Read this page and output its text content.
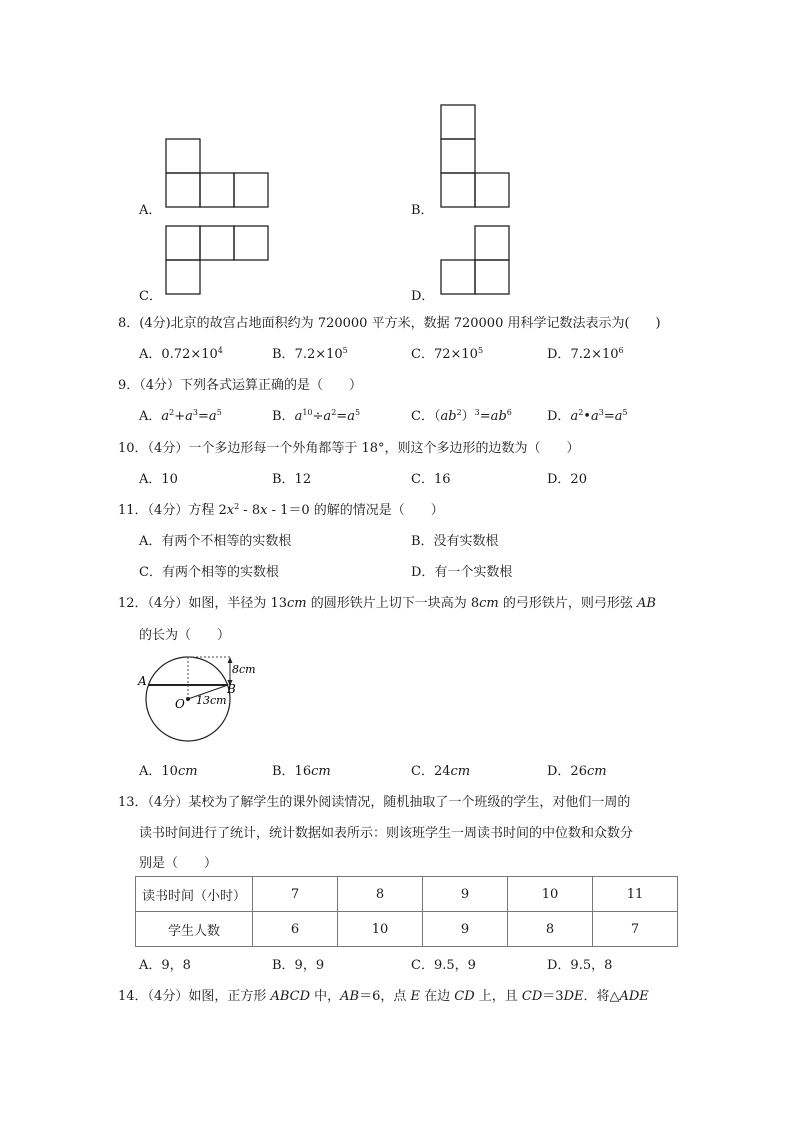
A．	B．
C．	D．
8．(4分)北京的故宫占地面积约为 720000 平方米，数据 720000 用科学记数法表示为(　　)
A．$0.72\times 10^4$	B．$7.2\times 10^5$	C．$72\times 10^5$	D．$7.2\times 10^6$
9．（4分）下列各式运算正确的是（　　）
A．$a^2+a^3=a^5$	B．$a^{10}\div a^2=a^5$	C．$(ab^2)^3=ab^6$	D．$a^2•a^3=a^5$
10．（4分）一个多边形每一个外角都等于 18°，则这个多边形的边数为（　　）
A．10	B．12	C．16	D．20
11．（4分）方程 $2x^2 - 8x - 1=0$ 的解的情况是（　　）
A．有两个不相等的实数根	B．没有实数根
C．有两个相等的实数根	D．有一个实数根
12．（4分）如图，半径为 13cm 的圆形铁片上切下一块高为 8cm 的弓形铁片，则弓形弦 AB
的长为（　　）
A
B
O
8cm
13cm
A．10cm	B．16cm	C．24cm	D．26cm
13．（4分）某校为了解学生的课外阅读情况，随机抽取了一个班级的学生，对他们一周的
读书时间进行了统计，统计数据如表所示：则该班学生一周读书时间的中位数和众数分
别是（　　）
读书时间（小时）	7	8	9	10	11
学生人数	6	10	9	8	7
A．9，8	B．9，9	C．9.5，9	D．9.5，8
14．（4分）如图，正方形 ABCD 中，AB＝6，点 E 在边 CD 上，且 CD＝3DE．将△ADE
